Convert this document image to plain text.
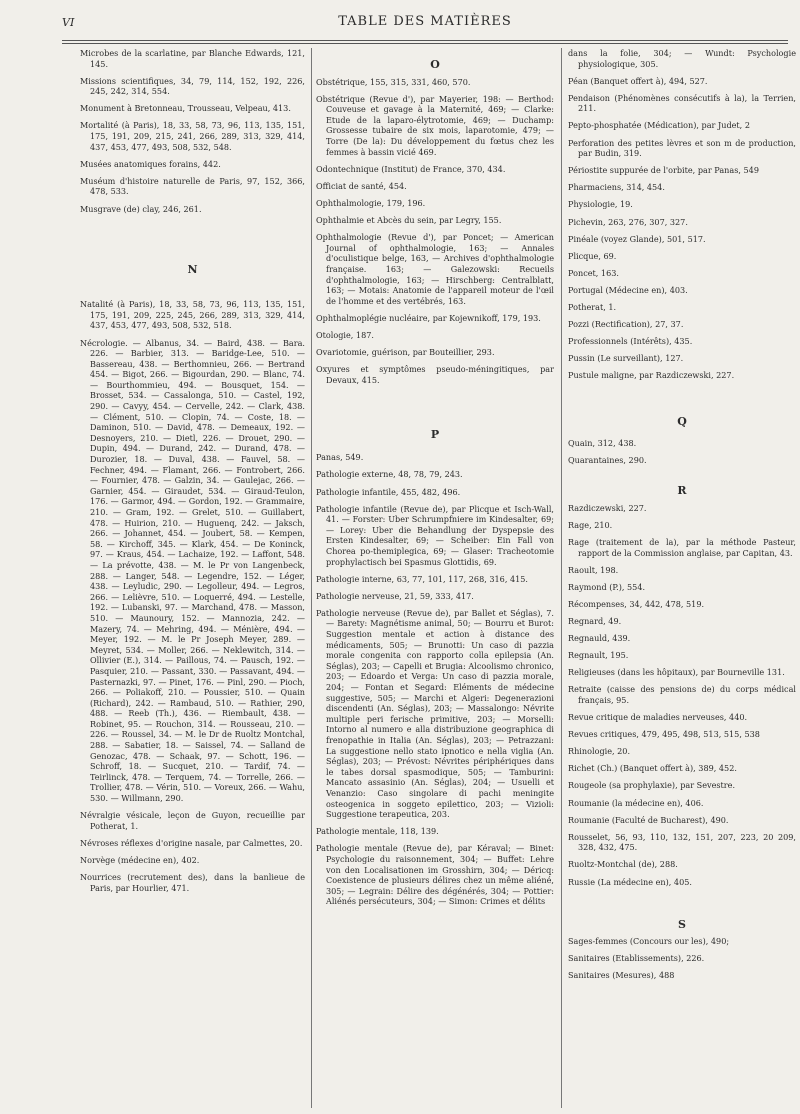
VI	TABLE DES MATIÈRES

Microbes de la scarlatine, par Blanche Edwards, 121, 145.

Missions scientifiques, 34, 79, 114, 152, 192, 226, 245, 242, 314, 554.

Monument à Bretonneau, Trousseau, Velpeau, 413.

Mortalité (à Paris), 18, 33, 58, 73, 96, 113, 135, 151, 175, 191, 209, 215, 241, 266, 289, 313, 329, 414, 437, 453, 477, 493, 508, 532, 548.

Musées anatomiques forains, 442.

Muséum d'histoire naturelle de Paris, 97, 152, 366, 478, 533.

Musgrave (de) clay, 246, 261.

N

Natalité (à Paris), 18, 33, 58, 73, 96, 113, 135, 151, 175, 191, 209, 225, 245, 266, 289, 313, 329, 414, 437, 453, 477, 493, 508, 532, 518.

Nécrologie. — Albanus, 34. — Baird, 438. — Bara. 226. — Barbier, 313. — Baridge-Lee, 510. — Bassereau, 438. — Berthomnieu, 266. — Bertrand 454. — Bigot, 266. — Bigourdan, 290. — Blanc, 74. — Bourthommieu, 494. — Bousquet, 154. — Brosset, 534. — Cassalonga, 510. — Castel, 192, 290. — Cavyy, 454. — Cervelle, 242. — Clark, 438. — Clément, 510. — Clopin, 74. — Coste, 18. — Daminon, 510. — David, 478. — Demeaux, 192. — Desnoyers, 210. — Dietl, 226. — Drouet, 290. — Dupin, 494. — Durand, 242. — Durand, 478. — Durozier, 18. — Duval, 438. — Fauvel, 58. — Fechner, 494. — Flamant, 266. — Fontrobert, 266. — Fournier, 478. — Galzin, 34. — Gaulejac, 266. — Garnier, 454. — Giraudet, 534. — Giraud-Teulon, 176. — Garmor, 494. — Gordon, 192. — Grammaire, 210. — Gram, 192. — Grelet, 510. — Guillabert, 478. — Huirion, 210. — Huguenq, 242. — Jaksch, 266. — Johannet, 454. — Joubert, 58. — Kempen, 58. — Kirchoff, 345. — Klark, 454. — De Koninck, 97. — Kraus, 454. — Lachaize, 192. — Laffont, 548. — La prévotte, 438. — M. le Pr von Langenbeck, 288. — Langer, 548. — Legendre, 152. — Léger, 438. — Leyludic, 290. — Legolleur, 494. — Legros, 266. — Lelièvre, 510. — Loquerré, 494. — Lestelle, 192. — Lubanski, 97. — Marchand, 478. — Masson, 510. — Maunoury, 152. — Mannozia, 242. — Mazery, 74. — Mehring, 494. — Ménière, 494. — Meyer, 192. — M. le Pr Joseph Meyer, 289. — Meyret, 534. — Moller, 266. — Neklewitch, 314. — Ollivier (E.), 314. — Paillous, 74. — Pausch, 192. — Pasquier, 210. — Passant, 330. — Passavant, 494. — Pasternazki, 97. — Pinet, 176. — Pinl, 290. — Pioch, 266. — Poliakoff, 210. — Poussier, 510. — Quain (Richard), 242. — Rambaud, 510. — Rathier, 290, 488. — Reeb (Th.), 436. — Riembault, 438. — Robinet, 95. — Rouchon, 314. — Rousseau, 210. — 226. — Roussel, 34. — M. le Dr de Ruoltz Montchal, 288. — Sabatier, 18. — Saissel, 74. — Salland de Genozac, 478. — Schaak, 97. — Schott, 196. — Schroff, 18. — Sucquet, 210. — Tardif, 74. — Teirlinck, 478. — Terquem, 74. — Torrelle, 266. — Trollier, 478. — Vérin, 510. — Voreux, 266. — Wahu, 530. — Willmann, 290.

Névralgie vésicale, leçon de Guyon, recueillie par Potherat, 1.

Névroses réflexes d'origine nasale, par Calmettes, 20.

Norvège (médecine en), 402.

Nourrices (recrutement des), dans la banlieue de Paris, par Hourlier, 471.

O

Obstétrique, 155, 315, 331, 460, 570.

Obstétrique (Revue d'), par Mayerier, 198: — Berthod: Couveuse et gavage à la Maternité, 469; — Clarke: Etude de la laparo-élytrotomie, 469; — Duchamp: Grossesse tubaire de six mois, laparotomie, 479; — Torre (De la): Du développement du fœtus chez les femmes à bassin vicié 469.

Odontechnique (Institut) de France, 370, 434.

Officiat de santé, 454.

Ophthalmologie, 179, 196.

Ophthalmie et Abcès du sein, par Legry, 155.

Ophthalmologie (Revue d'), par Poncet; — American Journal of ophthalmologie, 163; — Annales d'oculistique belge, 163, — Archives d'ophthalmologie française. 163; — Galezowski: Recueils d'ophthalmologie, 163; — Hirschberg: Centralblatt, 163; — Motais: Anatomie de l'appareil moteur de l'œil de l'homme et des vertébrés, 163.

Ophthalmoplégie nucléaire, par Kojewnikoff, 179, 193.

Otologie, 187.

Ovariotomie, guérison, par Bouteillier, 293.

Oxyures et symptômes pseudo-méningitiques, par Devaux, 415.

P

Panas, 549.

Pathologie externe, 48, 78, 79, 243.

Pathologie infantile, 455, 482, 496.

Pathologie infantile (Revue de), par Plicque et Isch-Wall, 41. — Forster: Uber Schrumpfniere im Kindesalter, 69; — Lorey: Uber die Behandlung der Dyspepsie des Ersten Kindesalter, 69; — Scheiber: Ein Fall von Chorea po-themiplegica, 69; — Glaser: Tracheotomie prophylactisch bei Spasmus Glottidis, 69.

Pathologie interne, 63, 77, 101, 117, 268, 316, 415.

Pathologie nerveuse, 21, 59, 333, 417.

Pathologie nerveuse (Revue de), par Ballet et Séglas), 7. — Barety: Magnétisme animal, 50; — Bourru et Burot: Suggestion mentale et action à distance des médicaments, 505; — Brunotti: Un caso di pazzia morale congenita con rapporto colla epilepsia (An. Séglas), 203; — Capelli et Brugia: Alcoolismo chronico, 203; — Edoardo et Verga: Un caso di pazzia morale, 204; — Fontan et Segard: Eléments de médecine suggestive, 505; — Marchi et Algeri: Degenerazioni discendenti (An. Séglas), 203; — Massalongo: Névrite multiple peri ferische primitive, 203; — Morselli: Intorno al numero e alla distribuzione geographica di frenopathie in Italia (An. Séglas), 203; — Petrazzani: La suggestione nello stato ipnotico e nella viglia (An. Séglas), 203; — Prévost: Névrites périphériques dans le tabes dorsal spasmodique, 505; — Tamburini: Mancato assasinio (An. Séglas), 204; — Usuelli et Venanzio: Caso singolare di pachi meningite osteogenica in soggeto epilettico, 203; — Vizioli: Suggestione terapeutica, 203.

Pathologie mentale, 118, 139.

Pathologie mentale (Revue de), par Kéraval; — Binet: Psychologie du raisonnement, 304; — Buffet: Lehre von den Localisationen im Grosshirn, 304; — Déricq: Coexistence de plusieurs délires chez un même aliéné, 305; — Legrain: Délire des dégénérés, 304; — Pottier: Aliénés persécuteurs, 304; — Simon: Crimes et délits

dans la folie, 304; — Wundt: Psychologie physiologique, 305.

Péan (Banquet offert à), 494, 527.

Pendaison (Phénomènes consécutifs à la), la Terrien, 211.

Pepto-phosphatée (Médication), par Judet, 2

Perforation des petites lèvres et son m de production, par Budin, 319.

Périostite suppurée de l'orbite, par Panas, 549

Pharmaciens, 314, 454.

Physiologie, 19.

Pichevin, 263, 276, 307, 327.

Pinéale (voyez Glande), 501, 517.

Plicque, 69.

Poncet, 163.

Portugal (Médecine en), 403.

Potherat, 1.

Pozzi (Rectification), 27, 37.

Professionnels (Intérêts), 435.

Pussin (Le surveillant), 127.

Pustule maligne, par Razdiczewski, 227.

Q

Quain, 312, 438.

Quarantaines, 290.

R

Razdiczewski, 227.

Rage, 210.

Rage (traitement de la), par la méthode Pasteur, rapport de la Commission anglaise, par Capitan, 43.

Raoult, 198.

Raymond (P.), 554.

Récompenses, 34, 442, 478, 519.

Regnard, 49.

Regnauld, 439.

Regnault, 195.

Religieuses (dans les hôpitaux), par Bourneville 131.

Retraite (caisse des pensions de) du corps médical français, 95.

Revue critique de maladies nerveuses, 440.

Revues critiques, 479, 495, 498, 513, 515, 538

Rhinologie, 20.

Richet (Ch.) (Banquet offert à), 389, 452.

Rougeole (sa prophylaxie), par Sevestre.

Roumanie (la médecine en), 406.

Roumanie (Faculté de Bucharest), 490.

Rousselet, 56, 93, 110, 132, 151, 207, 223, 20 209, 328, 432, 475.

Ruoltz-Montchal (de), 288.

Russie (La médecine en), 405.

S

Sages-femmes (Concours our les), 490;

Sanitaires (Etablissements), 226.

Sanitaires (Mesures), 488
